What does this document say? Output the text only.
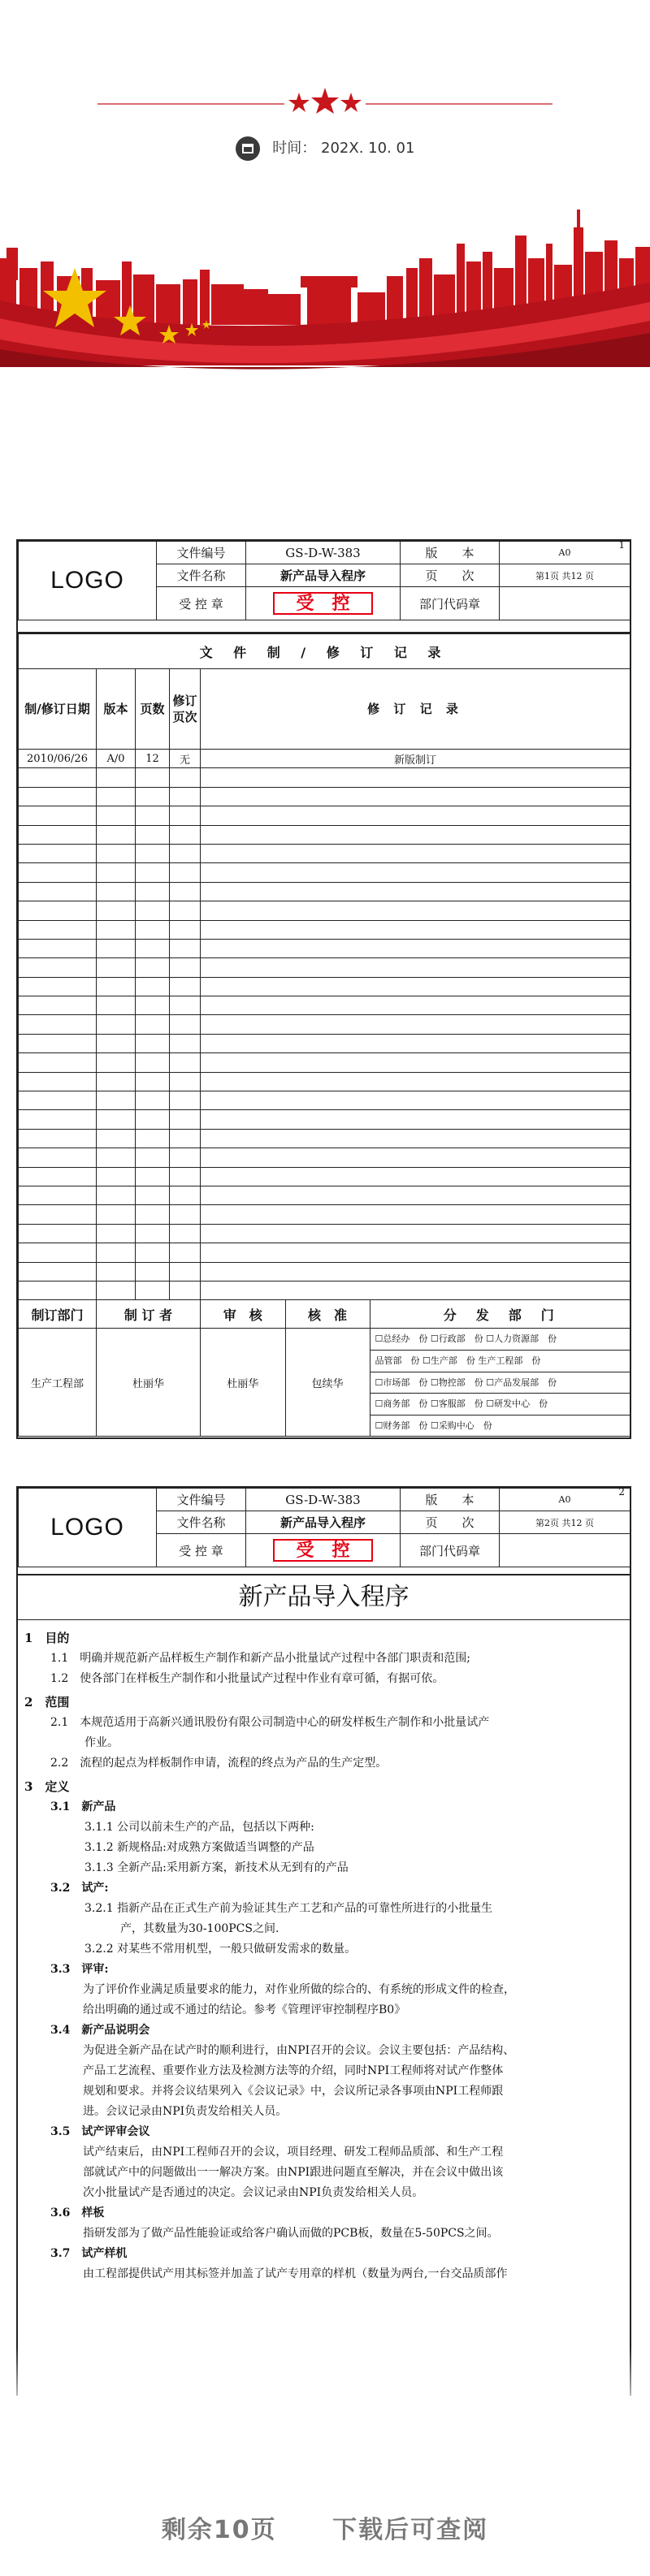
时间： 202X. 10. 01
LOGO	文件编号	GS-D-W-383	版　　本	A0
1

	文件名称	新产品导入程序	页　　次	第1页 共12 页
	受 控 章	受控	部门代码章	
文 件 制 / 修 订 记 录
制/修订日期	版本	页数	修订页次	修 订 记 录
2010/06/26	A/0	12	无	新版制订

制订部门	制 订 者		审　核	核　准	分　发　部　门

生产工程部	杜丽华		杜丽华	包续华	
☐总经办　份 ☐行政部　份 ☐人力资源部　份
品管部　份 ☐生产部　份 生产工程部　份
☐市场部　份 ☐物控部　份 ☐产品发展部　份
☐商务部　份 ☐客服部　份 ☐研发中心　份
☐财务部　份 ☐采购中心　份
LOGO	文件编号	GS-D-W-383	版　　本	A0
2

	文件名称	新产品导入程序	页　　次	第2页 共12 页
	受 控 章	受控	部门代码章	
新产品导入程序
1　目的
1.1　明确并规范新产品样板生产制作和新产品小批量试产过程中各部门职责和范围;
1.2　使各部门在样板生产制作和小批量试产过程中作业有章可循，有据可依。
2　范围
2.1　本规范适用于高新兴通讯股份有限公司制造中心的研发样板生产制作和小批量试产
作业。
2.2　流程的起点为样板制作申请，流程的终点为产品的生产定型。
3　定义
3.1　新产品
3.1.1 公司以前未生产的产品，包括以下两种:
3.1.2 新规格品:对成熟方案做适当调整的产品
3.1.3 全新产品:采用新方案，新技术从无到有的产品
3.2　试产:
3.2.1 指新产品在正式生产前为验证其生产工艺和产品的可靠性所进行的小批量生
产，其数量为30-100PCS之间.
3.2.2 对某些不常用机型，一般只做研发需求的数量。
3.3　评审:
为了评价作业满足质量要求的能力，对作业所做的综合的、有系统的形成文件的检查，
给出明确的通过或不通过的结论。参考《管理评审控制程序B0》
3.4　新产品说明会
为促进全新产品在试产时的顺利进行，由NPI召开的会议。会议主要包括：产品结构、
产品工艺流程、重要作业方法及检测方法等的介绍，同时NPI工程师将对试产作整体
规划和要求。并将会议结果列入《会议记录》中，会议所记录各事项由NPI工程师跟
进。会议记录由NPI负责发给相关人员。
3.5　试产评审会议
试产结束后，由NPI工程师召开的会议，项目经理、研发工程师品质部、和生产工程
部就试产中的问题做出一一解决方案。由NPI跟进问题直至解决，并在会议中做出该
次小批量试产是否通过的决定。会议记录由NPI负责发给相关人员。
3.6　样板
指研发部为了做产品性能验证或给客户确认而做的PCB板，数量在5-50PCS之间。
3.7　试产样机
由工程部提供试产用其标签并加盖了试产专用章的样机（数量为两台,一台交品质部作
剩余10页 下载后可查阅
